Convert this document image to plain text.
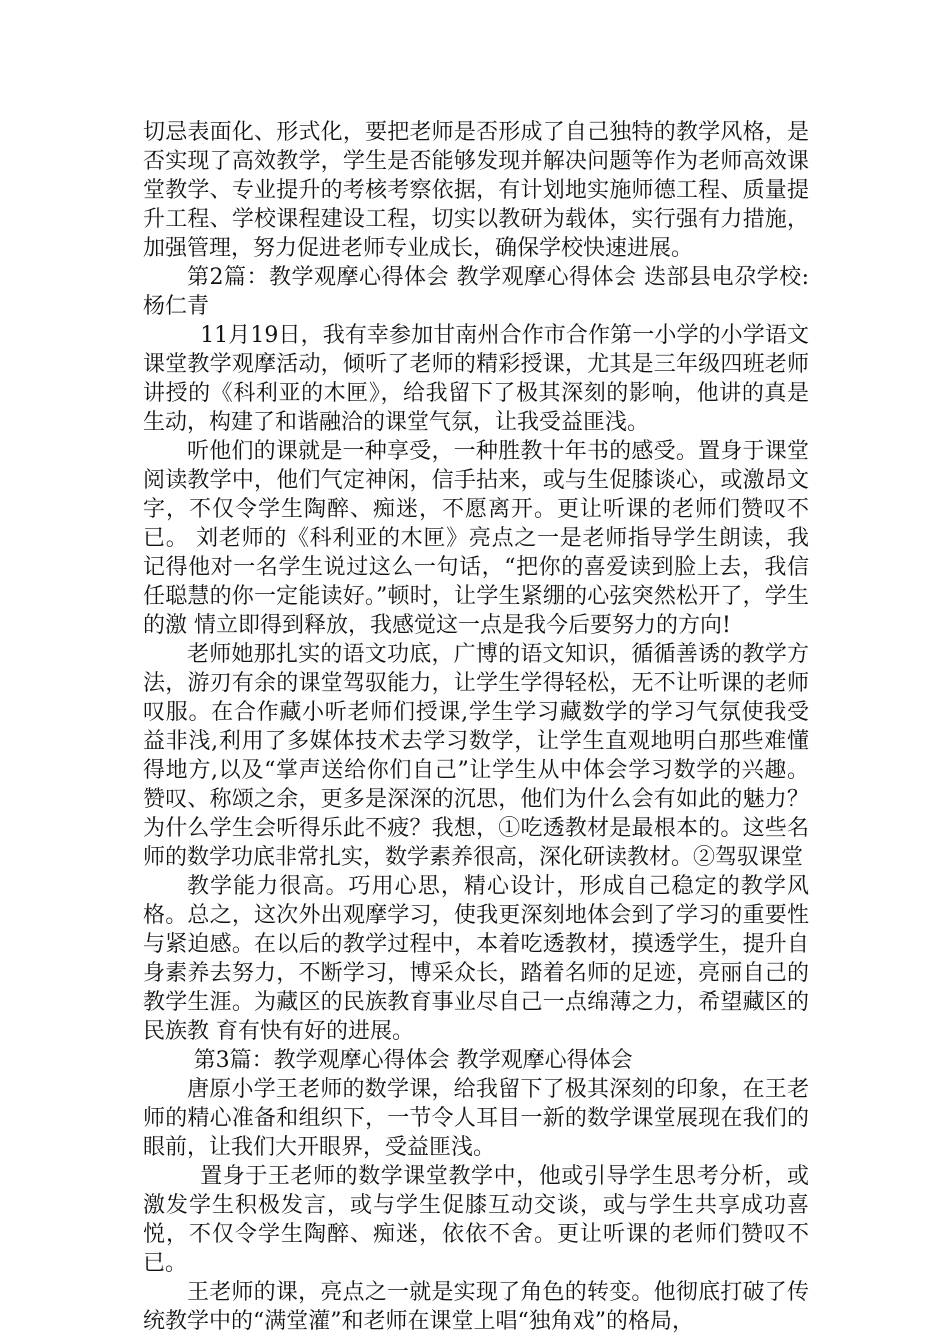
切忌表面化、形式化，要把老师是否形成了自己独特的教学风格，是否实现了高效教学，学生是否能够发现并解决问题等作为老师高效课堂教学、专业提升的考核考察依据，有计划地实施师德工程、质量提升工程、学校课程建设工程，切实以教研为载体，实行强有力措施，加强管理，努力促进老师专业成长，确保学校快速进展。

第2篇：教学观摩心得体会 教学观摩心得体会 迭部县电尕学校:杨仁青

11月19日，我有幸参加甘南州合作市合作第一小学的小学语文课堂教学观摩活动，倾听了老师的精彩授课，尤其是三年级四班老师讲授的《科利亚的木匣》，给我留下了极其深刻的影响，他讲的真是生动，构建了和谐融洽的课堂气氛，让我受益匪浅。

听他们的课就是一种享受，一种胜教十年书的感受。置身于课堂阅读教学中，他们气定神闲，信手拈来，或与生促膝谈心，或激昂文字，不仅令学生陶醉、痴迷，不愿离开。更让听课的老师们赞叹不已。 刘老师的《科利亚的木匣》亮点之一是老师指导学生朗读，我记得他对一名学生说过这么一句话，“把你的喜爱读到脸上去，我信任聪慧的你一定能读好。”顿时，让学生紧绷的心弦突然松开了，学生的激 情立即得到释放，我感觉这一点是我今后要努力的方向!

老师她那扎实的语文功底，广博的语文知识，循循善诱的教学方法，游刃有余的课堂驾驭能力，让学生学得轻松，无不让听课的老师叹服。在合作藏小听老师们授课,学生学习藏数学的学习气氛使我受益非浅,利用了多媒体技术去学习数学，让学生直观地明白那些难懂得地方,以及“掌声送给你们自己”让学生从中体会学习数学的兴趣。 赞叹、称颂之余，更多是深深的沉思，他们为什么会有如此的魅力？为什么学生会听得乐此不疲？我想，①吃透教材是最根本的。这些名师的数学功底非常扎实，数学素养很高，深化研读教材。②驾驭课堂

教学能力很高。巧用心思，精心设计，形成自己稳定的教学风格。总之，这次外出观摩学习，使我更深刻地体会到了学习的重要性与紧迫感。在以后的教学过程中，本着吃透教材，摸透学生，提升自身素养去努力，不断学习，博采众长，踏着名师的足迹，亮丽自己的教学生涯。为藏区的民族教育事业尽自己一点绵薄之力，希望藏区的民族教 育有快有好的进展。

第3篇：教学观摩心得体会 教学观摩心得体会

唐原小学王老师的数学课，给我留下了极其深刻的印象，在王老师的精心准备和组织下，一节令人耳目一新的数学课堂展现在我们的眼前，让我们大开眼界，受益匪浅。

置身于王老师的数学课堂教学中，他或引导学生思考分析，或激发学生积极发言，或与学生促膝互动交谈，或与学生共享成功喜悦，不仅令学生陶醉、痴迷，依依不舍。更让听课的老师们赞叹不已。

王老师的课，亮点之一就是实现了角色的转变。他彻底打破了传统教学中的“满堂灌”和老师在课堂上唱“独角戏”的格局，
